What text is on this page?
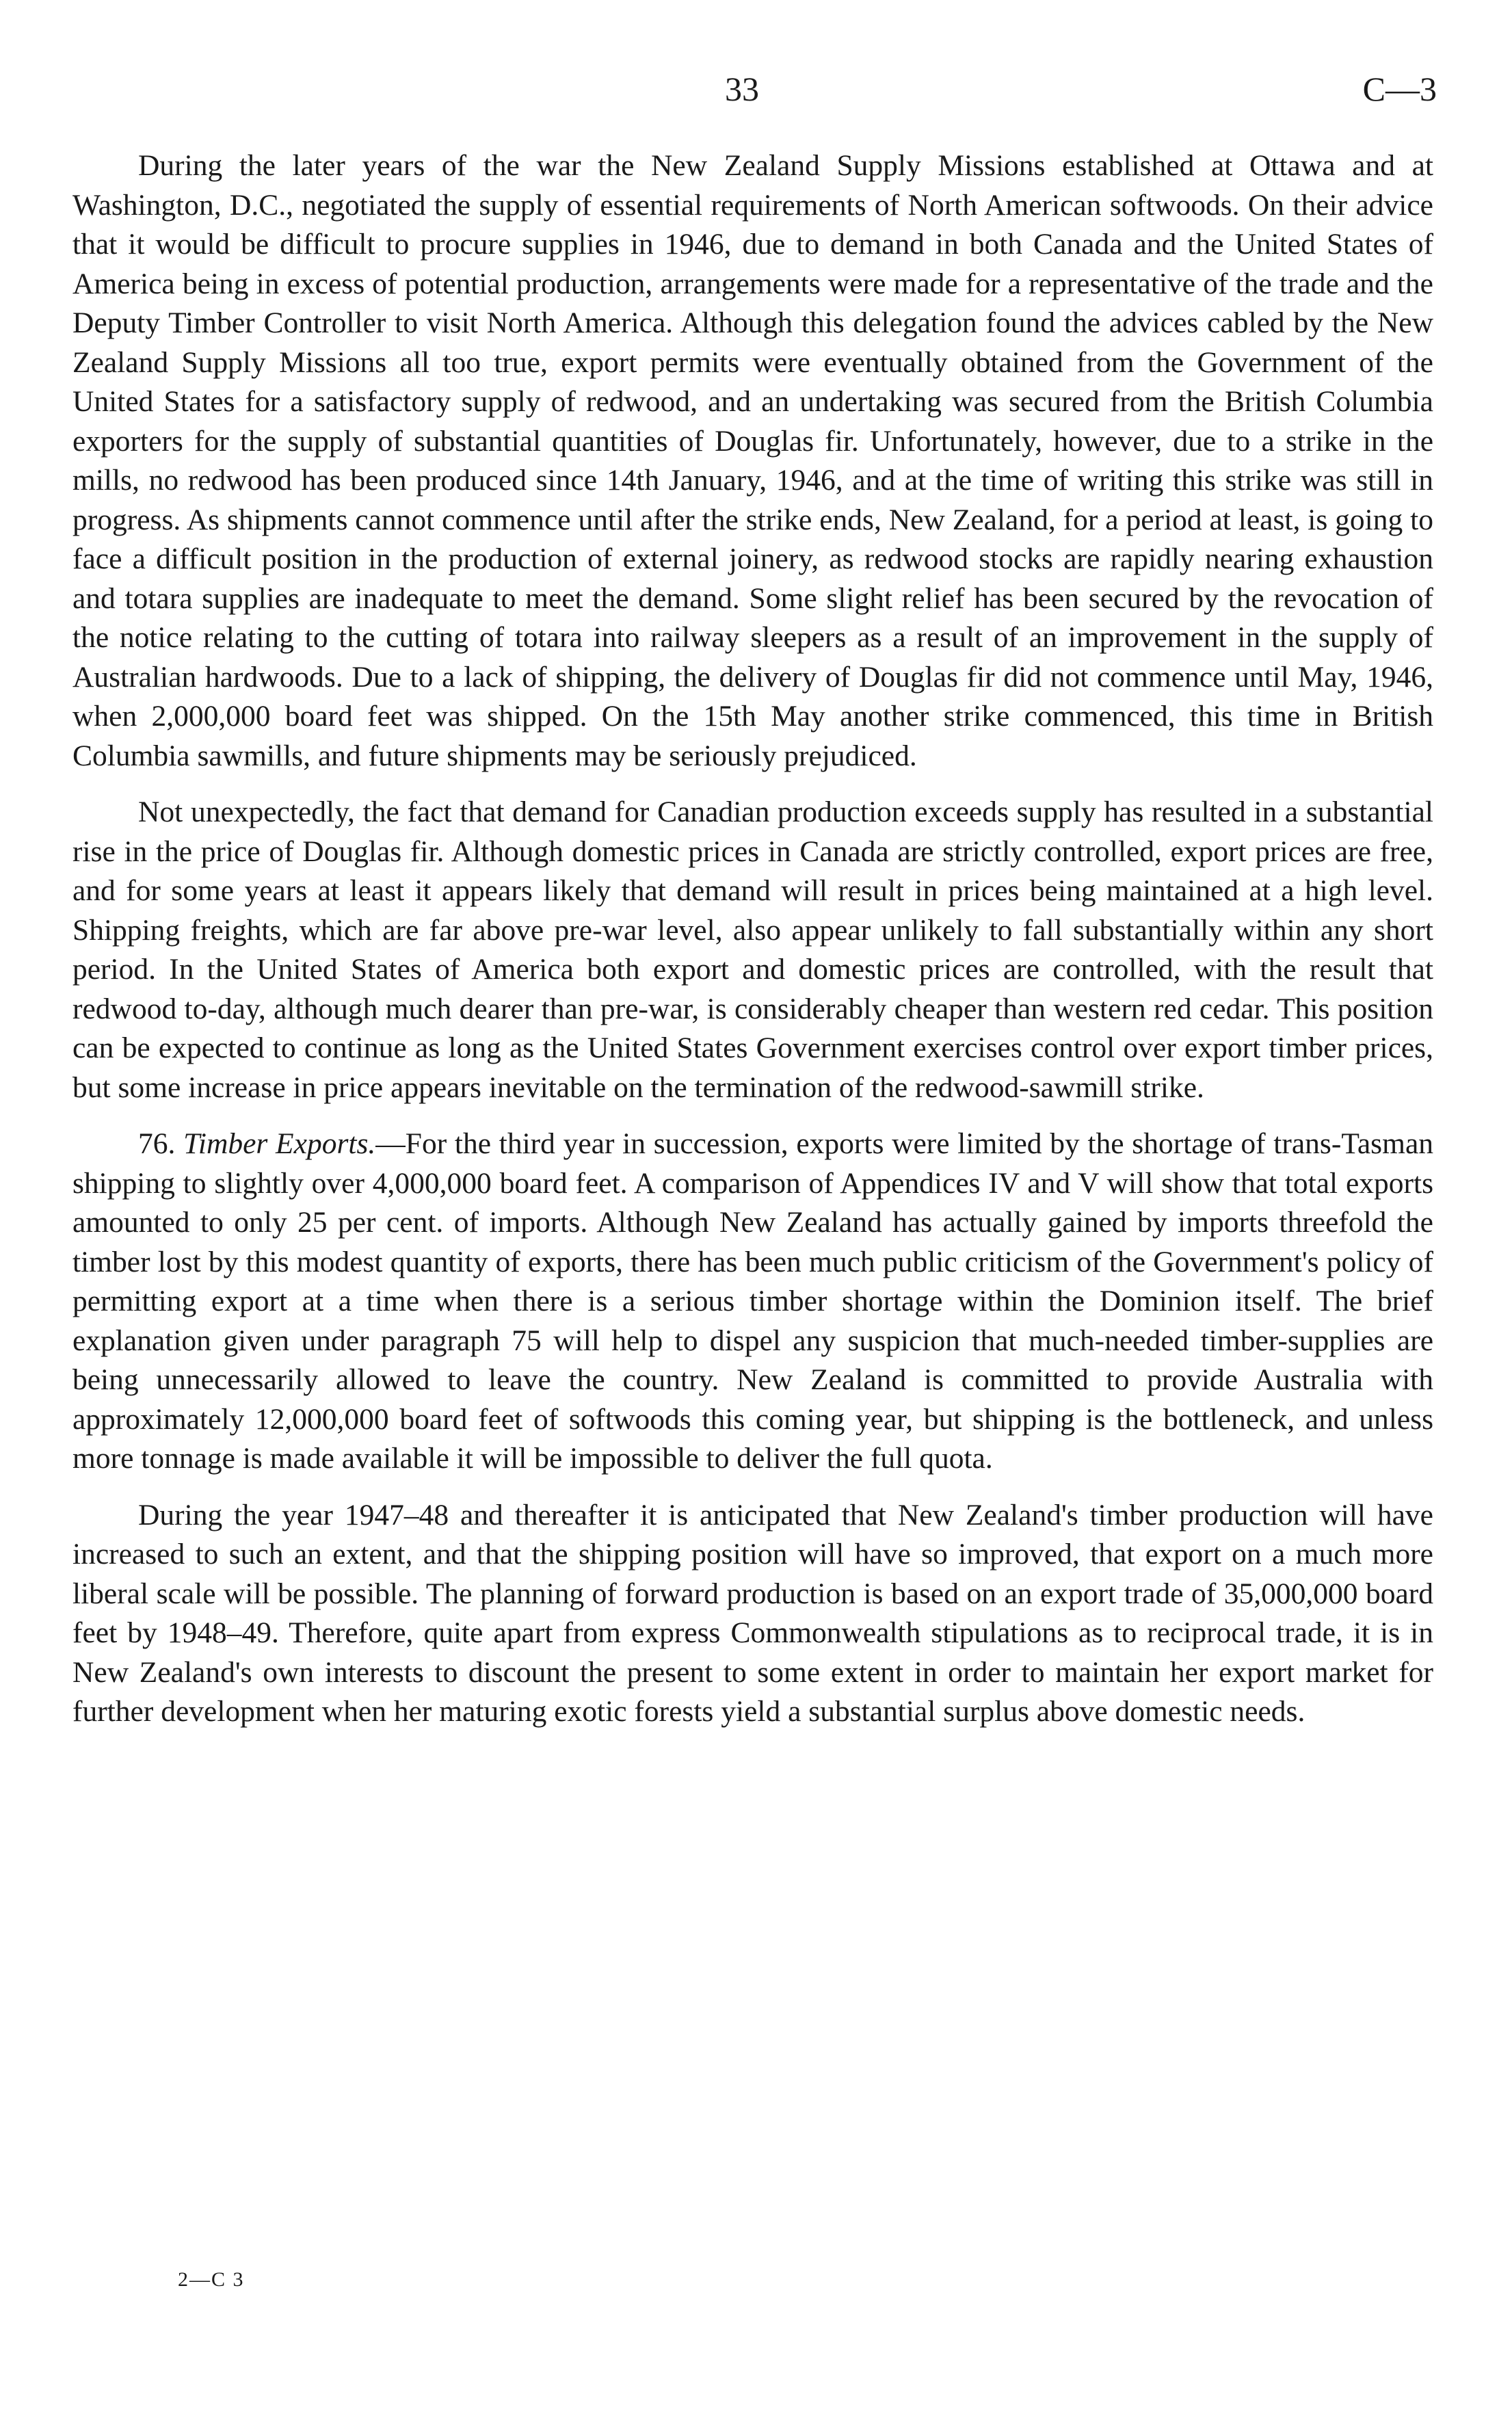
33	C—3

During the later years of the war the New Zealand Supply Missions established at Ottawa and at Washington, D.C., negotiated the supply of essential requirements of North American softwoods. On their advice that it would be difficult to procure supplies in 1946, due to demand in both Canada and the United States of America being in excess of potential production, arrangements were made for a representative of the trade and the Deputy Timber Controller to visit North America. Although this delegation found the advices cabled by the New Zealand Supply Missions all too true, export permits were eventually obtained from the Government of the United States for a satisfactory supply of redwood, and an undertaking was secured from the British Columbia exporters for the supply of substantial quantities of Douglas fir. Unfortunately, however, due to a strike in the mills, no redwood has been produced since 14th January, 1946, and at the time of writing this strike was still in progress. As shipments cannot commence until after the strike ends, New Zealand, for a period at least, is going to face a difficult position in the production of external joinery, as redwood stocks are rapidly nearing exhaustion and totara supplies are inadequate to meet the demand. Some slight relief has been secured by the revocation of the notice relating to the cutting of totara into railway sleepers as a result of an improvement in the supply of Australian hardwoods. Due to a lack of shipping, the delivery of Douglas fir did not commence until May, 1946, when 2,000,000 board feet was shipped. On the 15th May another strike commenced, this time in British Columbia sawmills, and future shipments may be seriously prejudiced.

Not unexpectedly, the fact that demand for Canadian production exceeds supply has resulted in a substantial rise in the price of Douglas fir. Although domestic prices in Canada are strictly controlled, export prices are free, and for some years at least it appears likely that demand will result in prices being maintained at a high level. Shipping freights, which are far above pre-war level, also appear unlikely to fall substantially within any short period. In the United States of America both export and domestic prices are controlled, with the result that redwood to-day, although much dearer than pre-war, is considerably cheaper than western red cedar. This position can be expected to continue as long as the United States Government exercises control over export timber prices, but some increase in price appears inevitable on the termination of the redwood-sawmill strike.

76. Timber Exports.—For the third year in succession, exports were limited by the shortage of trans-Tasman shipping to slightly over 4,000,000 board feet. A comparison of Appendices IV and V will show that total exports amounted to only 25 per cent. of imports. Although New Zealand has actually gained by imports threefold the timber lost by this modest quantity of exports, there has been much public criticism of the Government's policy of permitting export at a time when there is a serious timber shortage within the Dominion itself. The brief explanation given under paragraph 75 will help to dispel any suspicion that much-needed timber-supplies are being unnecessarily allowed to leave the country. New Zealand is committed to provide Australia with approximately 12,000,000 board feet of softwoods this coming year, but shipping is the bottleneck, and unless more tonnage is made available it will be impossible to deliver the full quota.

During the year 1947–48 and thereafter it is anticipated that New Zealand's timber production will have increased to such an extent, and that the shipping position will have so improved, that export on a much more liberal scale will be possible. The planning of forward production is based on an export trade of 35,000,000 board feet by 1948–49. Therefore, quite apart from express Commonwealth stipulations as to reciprocal trade, it is in New Zealand's own interests to discount the present to some extent in order to maintain her export market for further development when her maturing exotic forests yield a substantial surplus above domestic needs.

2—C 3
